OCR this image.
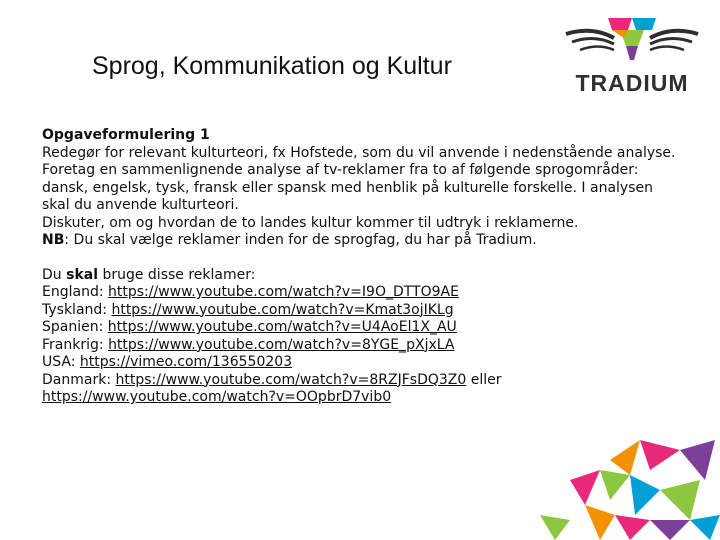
Sprog, Kommunikation og Kultur
TRADIUM

Opgaveformulering 1

Redegør for relevant kulturteori, fx Hofstede, som du vil anvende i nedenstående analyse.

Foretag en sammenlignende analyse af tv-reklamer fra to af følgende sprogområder: dansk, engelsk, tysk, fransk eller spansk med henblik på kulturelle forskelle. I analysen skal du anvende kulturteori.

Diskuter, om og hvordan de to landes kultur kommer til udtryk i reklamerne.

NB: Du skal vælge reklamer inden for de sprogfag, du har på Tradium.

Du skal bruge disse reklamer:

England: https://www.youtube.com/watch?v=I9O_DTTO9AE

Tyskland: https://www.youtube.com/watch?v=Kmat3ojIKLg

Spanien: https://www.youtube.com/watch?v=U4AoEl1X_AU

Frankrig: https://www.youtube.com/watch?v=8YGE_pXjxLA

USA: https://vimeo.com/136550203

Danmark: https://www.youtube.com/watch?v=8RZJFsDQ3Z0 eller

https://www.youtube.com/watch?v=OOpbrD7vib0
